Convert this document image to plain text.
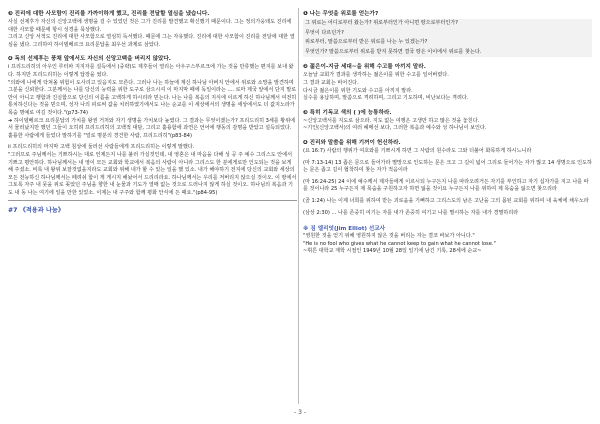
❸ 진리에 대한 사모함이 진리를 가까이하게 했고, 진리를 전달할 열심을 냈습니다.

사실 선제후가 자신의 신앙고백에 생명을 걸 수 있었던 것은 그가 진리를 발견했고 확신했기 때문이다. 그는 정의가웅돼도 진리에 대한 사모함 때문에 항시 성경을 묵상했다.

그리고 신앙 서적도 진리에 대한 사모함으로 열심히 독서했다. 때문에 그는 자유했다. 진리에 대한 사모함이 진리를 전달에 대한 열심을 냈다. 그리하여 하이델베르크 요리문답을 최우선 과제로 삼았다.

❹ 독의 선제후는 풍채 앞에서도 자신의 신앙고백을 버리지 않았다.

i 프리드리히의 아우인 루터파 지지자를 설득에서 (중략)도 제후들이 열리는 아우구스부르크에 가는 것을 만류했는 편지를 보내 왔다. 하지만 프리드리히는 이렇게 답장을 썼다.

"의와에 나에게 닥쳐올 위험이 도사리고 있음지도 모른다. 그러나 나는 하늘에 계신 하나님 아버지 안에서 위로와 소망을 발견하며 그분을 신뢰한다. 그분께서는 나를 당신의 능력을 위한 도구로 삼으시셔 이 마지막 때에 독일이라는 .... 로마 제국 앞에서 단지 말로만이 아니고 행함과 진실함으로 당신의 이름을 고백하게 하시리라 믿는다. 나는 나를 복음의 지식에 이르게 하신 하나님께서 여전히 통치하신다는 것을 믿으며, 성자 나의 피로써 값을 치러하였기에서도 나는 순교를 이 세상에서의 생명을 세상에서도 더 값지노라가 목숨 명예로 여길 것이다."(p73-74)

➜ 하이델베르크 요리문답의 가치를 왕권 거처와 자기 생명을 가치보다 높였다. 그 결과는 무엇이겠는가? 프리드리히 3세를 황위에서 물러났지만 했던 그들이 오히려 프리드리히의 고백적 대담, 그리고 훌륭함에 과연은 언어에 행동의 감명을 받았고 설득되었다. 훌륭한 사람에게 들었다 말하기를 "얼로 명분의 경건한 사람, 프리드리히"(p83-84)

ii 프리드리히의 마지막 고백 침상에 둘러선 사람들에게 프리드리히는 이렇게 말했다.

"그러므로 주님께서는 기쁘하시는 대로 언제든지 나를 불러 가실것인데, 내 영혼은 내 마음을 다해 성 공 주 예수 그리스도 안에서 기쁘고 평안하다. 하나님께서는 내 영이 모든 교회와 학교에서 복음의 사람이 아니라 그리스도 한 분에게로만 인도되는 것을 보게 해 주셨소. 비록 내 왕위 보잘것없을지라도 교회와 위해 내가 할 수 있는 일을 했 있소. 내가 해야하기 전지에 당신의 교회와 세상의 모든 전능하신 하나님께서는 떼려쉬 함이 게 게시지 해놨어서 드리리라요. 하나님께서는 우리를 저버리지 않으실 것이오. 이 땅에서 그토록 자주 내 뭇을 위로 꽂았던 주님을 향한 내 눈물과 기도가 열매 없는 것으로 드러나지 않게 하실 것이오. 하나님의 복음과 기도 내 동 나는 여기에 일을 만한 있었소. 이제는 내 구주와 함께 평화 안식에 든 때요."(p84-95)

#7 《적용과 나눔》
❶ 나는 무엇을 위로를 얻는가?

그 위로는 어디로부터 왔는가? 위로부터인가 아니면 땅으로부터인가?

무엇이 다르던가?

위로부터, 말씀으로부터 받은 위로를 나는 누 있겠는가?

무엇인가? 말씀으로부터 위로를 받지 못하면 결국 땅은 이이에서 위로를 찾는다.

❷ 젊은이-지금 세대~을 위해 수고를 아끼지 말라.

오늘날 교회가 결과를 생각하는 젊은이를 위한 수고를 일어버렸다.

그 결과 교회는 비어진다.

다시금 젊은이를 위한 기도와 수고를 아끼지 말라.

실수를 용납하며, 말씀으로 격려하며, 그리고 기도하며, 비난보다는 격려다.

❸ 특히 기독교 색의 ( )에 능통하라.

~신앙고백서를 지도로 삼으라. 지도 없는 여행은 고생만 하고 많은 것을 놓친다.

~기인(신앙고백서)의 여러 헤메선 보다, 그러한 복음과 예수와 성 하나님이 보인다.

❹ 진리와 말씀을 위해 기꺼이 헌신하라.

(요 16:7) 사람의 행위가 여호와를 기쁘시게 하면 그 사람의 원수라도 그와 더불어 화목하게 하시느니라

(마 7:13-14) 13 좁은 문으로 들어가라 멸망으로 인도하는 문은 크고 그 길이 넓어 그리로 들어가는 자가 많고 14 생명으로 인도하는 문은 좁고 길이 협착하여 찾는 자가 적음이라

(마 16:24-25) 24 이에 예수께서 제자들에게 이르시되 누구든지 나를 따라오려거든 자기를 부인하고 자기 십자가를 지고 나를 따를 것이니라 25 누구든지 제 목숨을 구원하고자 하면 잃을 것이요 누구든지 나를 위하여 제 목숨을 잃으면 찾으리라

(골 1:24) 나는 이제 너희를 위하여 받는 괴로움을 기뻐하고 그리스도의 남은 고난을 그의 몸된 교회를 위하여 내 육체에 채우노라

(삼상 2:30) ... 나를 존중히 여기는 자를 내가 존중히 여기고 나를 멸시하는 자를 내가 경멸하리라

※ 짐 엘리엇(Jim Elliot) 선교사

"영원한 것을 얻기 위해 영원하지 않은 것을 버리는 자는 결코 바보가 아니다."

"He is no fool who gives what he cannot keep to gain what he cannot lose."

~휘튼 대학교 재학 시절인 1949년 10월 28일 일기에 남긴 기록, 28세에 순교~

- 3 -
